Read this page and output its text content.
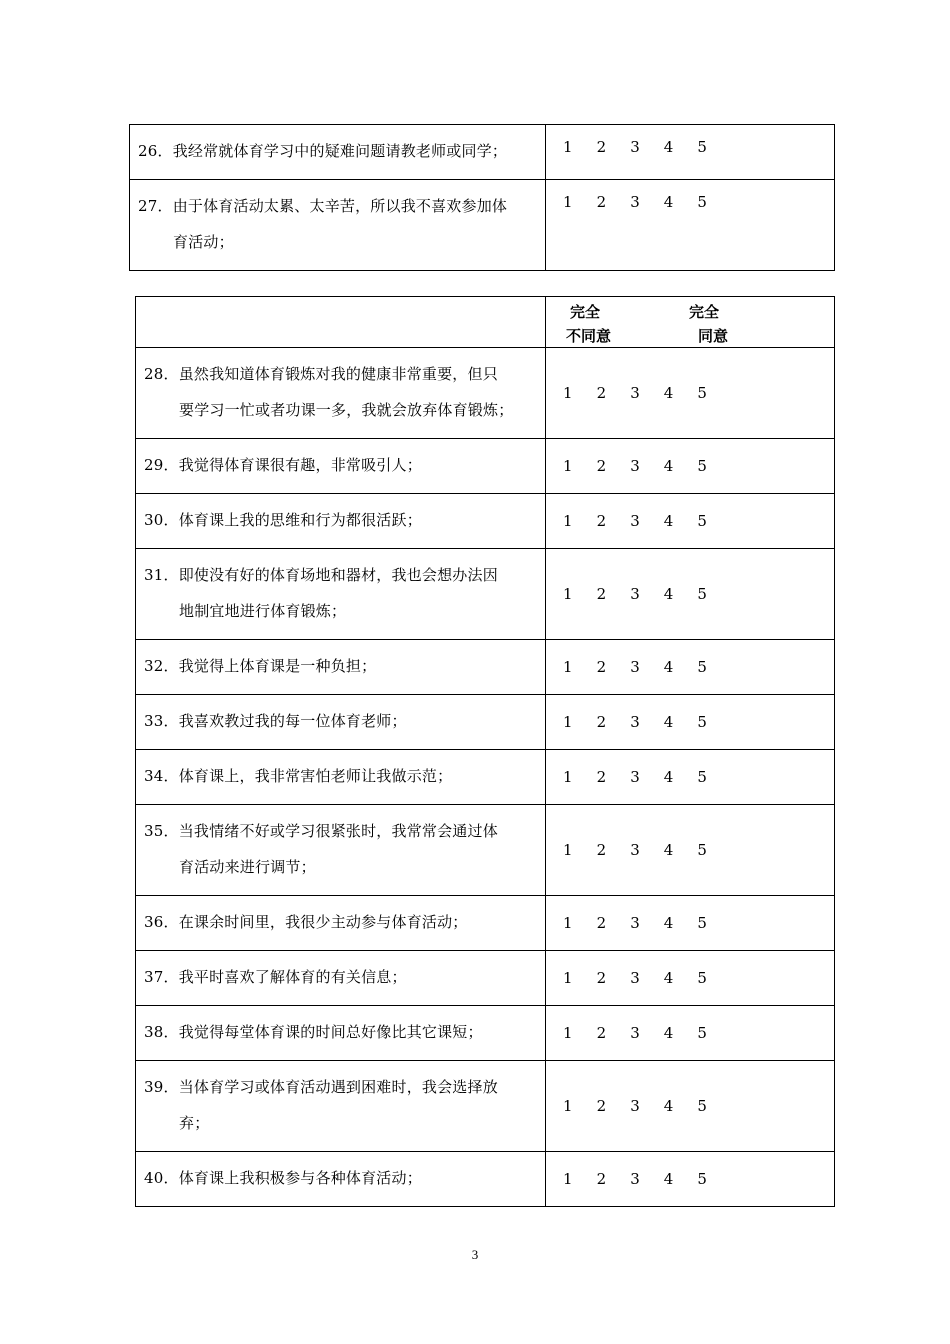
26．我经常就体育学习中的疑难问题请教老师或同学；	1 2 3 4 5

27．由于体育活动太累、太辛苦，所以我不喜欢参加体
育活动；	1 2 3 4 5

	完全
不同意
完全
同意

28．虽然我知道体育锻炼对我的健康非常重要，但只
要学习一忙或者功课一多，我就会放弃体育锻炼；	1 2 3 4 5

29．我觉得体育课很有趣，非常吸引人；	1 2 3 4 5

30．体育课上我的思维和行为都很活跃；	1 2 3 4 5

31．即使没有好的体育场地和器材，我也会想办法因
地制宜地进行体育锻炼；	1 2 3 4 5

32．我觉得上体育课是一种负担；	1 2 3 4 5

33．我喜欢教过我的每一位体育老师；	1 2 3 4 5

34．体育课上，我非常害怕老师让我做示范；	1 2 3 4 5

35．当我情绪不好或学习很紧张时，我常常会通过体
育活动来进行调节；	1 2 3 4 5

36．在课余时间里，我很少主动参与体育活动；	1 2 3 4 5

37．我平时喜欢了解体育的有关信息；	1 2 3 4 5

38．我觉得每堂体育课的时间总好像比其它课短；	1 2 3 4 5

39．当体育学习或体育活动遇到困难时，我会选择放
弃；	1 2 3 4 5

40．体育课上我积极参与各种体育活动；	1 2 3 4 5
3
